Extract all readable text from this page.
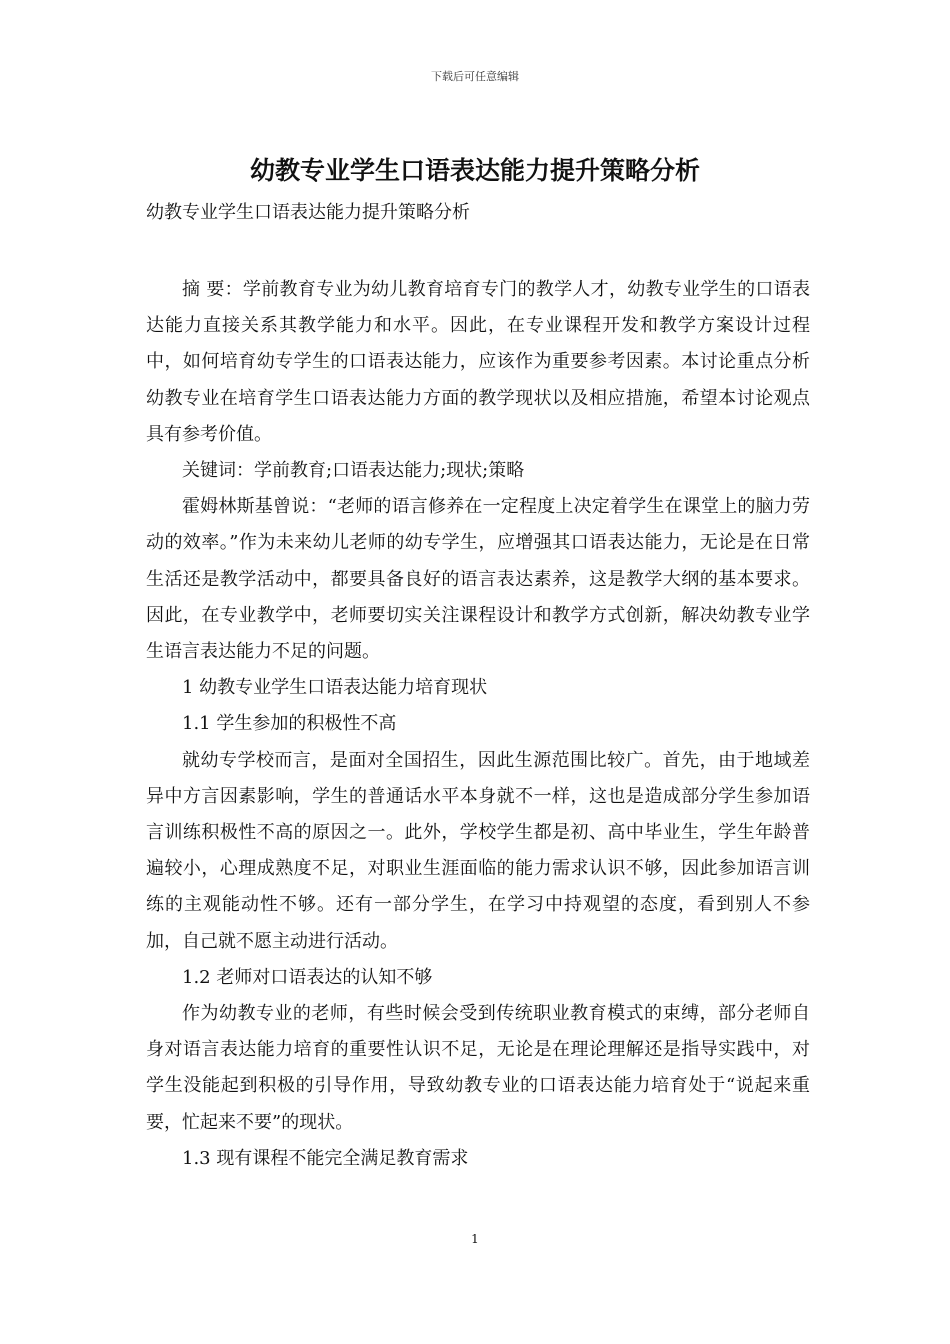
下载后可任意编辑
幼教专业学生口语表达能力提升策略分析

幼教专业学生口语表达能力提升策略分析

摘 要：学前教育专业为幼儿教育培育专门的教学人才，幼教专业学生的口语表达能力直接关系其教学能力和水平。因此，在专业课程开发和教学方案设计过程中，如何培育幼专学生的口语表达能力，应该作为重要参考因素。本讨论重点分析幼教专业在培育学生口语表达能力方面的教学现状以及相应措施，希望本讨论观点具有参考价值。

关键词：学前教育;口语表达能力;现状;策略

霍姆林斯基曾说：“老师的语言修养在一定程度上决定着学生在课堂上的脑力劳动的效率。”作为未来幼儿老师的幼专学生，应增强其口语表达能力，无论是在日常生活还是教学活动中，都要具备良好的语言表达素养，这是教学大纲的基本要求。因此，在专业教学中，老师要切实关注课程设计和教学方式创新，解决幼教专业学生语言表达能力不足的问题。

1 幼教专业学生口语表达能力培育现状

1.1 学生参加的积极性不高

就幼专学校而言，是面对全国招生，因此生源范围比较广。首先，由于地域差异中方言因素影响，学生的普通话水平本身就不一样，这也是造成部分学生参加语言训练积极性不高的原因之一。此外，学校学生都是初、高中毕业生，学生年龄普遍较小，心理成熟度不足，对职业生涯面临的能力需求认识不够，因此参加语言训练的主观能动性不够。还有一部分学生，在学习中持观望的态度，看到别人不参加，自己就不愿主动进行活动。

1.2 老师对口语表达的认知不够

作为幼教专业的老师，有些时候会受到传统职业教育模式的束缚，部分老师自身对语言表达能力培育的重要性认识不足，无论是在理论理解还是指导实践中，对学生没能起到积极的引导作用，导致幼教专业的口语表达能力培育处于“说起来重要，忙起来不要”的现状。

1.3 现有课程不能完全满足教育需求

1
